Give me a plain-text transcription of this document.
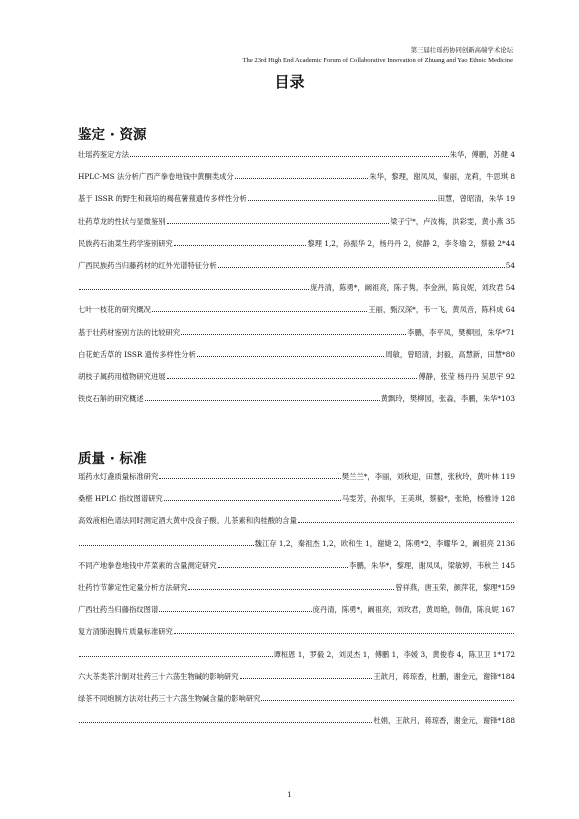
第三届壮瑶药协同创新高端学术论坛
The 23rd High End Academic Forum of Collaborative Innovation of Zhuang and Yao Ethnic Medicine
目录
鉴定 · 资源
壮瑶药鉴定方法	朱华，傅鹏，苏健 4
HPLC-MS 法分析广西产拳卷地钱中黄酮类成分	朱华，黎理，谢凤凤，秦丽，龙莉，牛思琪 8
基于 ISSR 的野生和栽培的褐苞薯蓣遗传多样性分析	田慧，曾昭清，朱华 19
壮药草龙的性状与显微鉴别	梁子宁*，卢汝梅，洪彩雯，黄小燕 35
民族药石油菜生药学鉴别研究	黎理 1,2，孙振华 2，杨丹丹 2，侯静 2，李冬瑜 2，蔡毅 2*44
广西民族药当归藤药材的红外光谱特征分析	54
庞丹清，陈勇*，阚祖亮，陈子隽，李金洲，陈良妮，刘玫君 54
七叶一枝花的研究概况	王丽，甄汉深*，韦一飞，黄凤音，陈科成 64
基于壮药材鉴别方法的比较研究	李鹏，李平凤，樊柳园，朱华*71
白花蛇舌草的 ISSR 遗传多样性分析	周敏，曾昭清，封毅，高慧新，田慧*80
胡枝子属药用植物研究进展	傅静，张莹 杨丹丹 吴思宇 92
铁皮石斛的研究概述	黄飘玲，樊柳园，张淼，李鹏，朱华*103
质量 · 标准
瑶药水灯盏质量标准研究	樊兰兰*，李丽，刘秋迎，田慧，张秋玲，黄叶林 119
桑椹 HPLC 指纹图谱研究	马雯芳，孙振华，王美琪，蔡毅*，张艳，杨雅诗 128
高效液相色谱法同时测定酒大黄中没食子酸、儿茶素和肉桂酸的含量
魏江存 1,2，秦祖杰 1,2，欧和生 1，谢婕 2，陈勇*2，李耀华 2，阚祖亮 2136
不同产地拳卷地钱中芹菜素的含量测定研究	李鹏，朱华*，黎理，谢凤凤，梁敏婷，韦秋兰 145
壮药竹节蓼定性定量分析方法研究	曾祥燕，唐玉荣，颜萍花，黎理*159
广西壮药当归藤指纹图谱	庞丹清，陈勇*，阚祖亮，刘玫君，黄周艳，韩倩，陈良妮 167
复方清肺泡腾片质量标准研究
谭桓恩 1，罗毅 2，刘灵杰 1，傅鹏 1，李媛 3，黄俊春 4，陈卫卫 1*172
六大茶类茶汁制对壮药三十六荡生物碱的影响研究	王歆月，蒋琼香，杜鹏，谢金元，谢锋*184
绿茶不同炮制方法对壮药三十六荡生物碱含量的影响研究
杜娟，王歆月，蒋琼香，谢金元，谢锋*188
1
